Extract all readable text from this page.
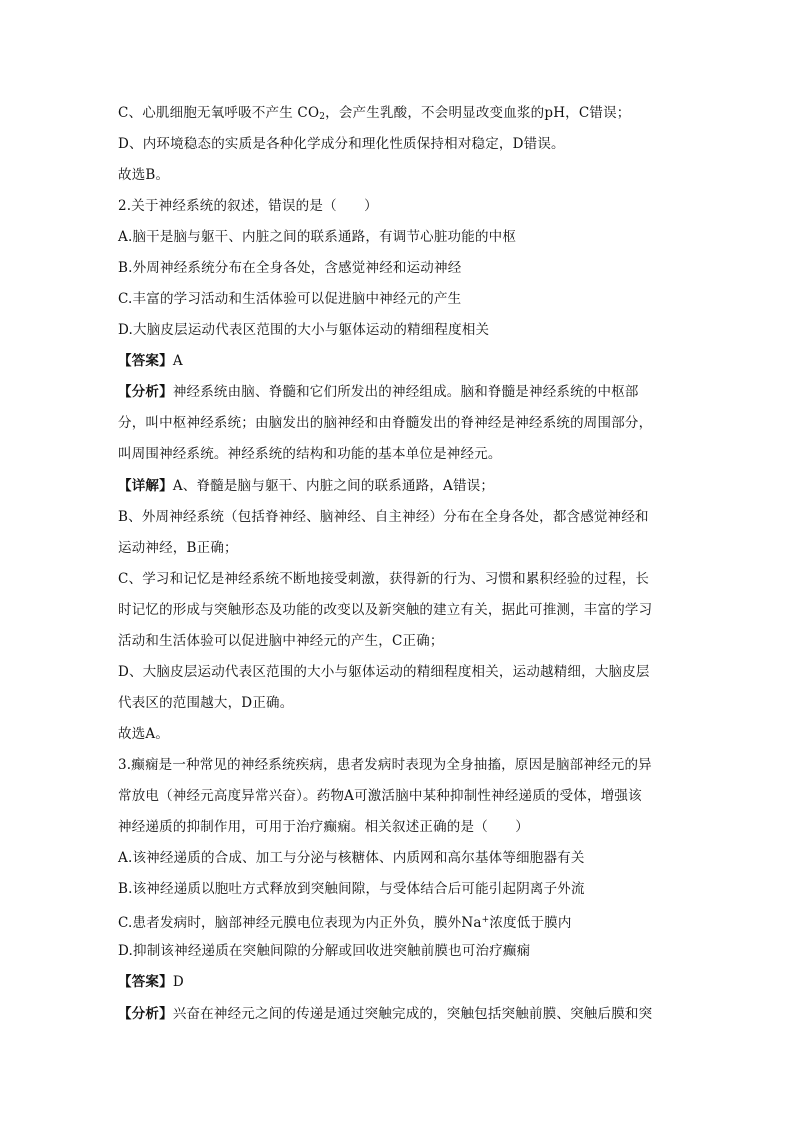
C、心肌细胞无氧呼吸不产生 $CO_2$，会产生乳酸，不会明显改变血浆的pH，C错误；
D、内环境稳态的实质是各种化学成分和理化性质保持相对稳定，D错误。
故选B。
2.关于神经系统的叙述，错误的是（　　）
A.脑干是脑与躯干、内脏之间的联系通路，有调节心脏功能的中枢
B.外周神经系统分布在全身各处，含感觉神经和运动神经
C.丰富的学习活动和生活体验可以促进脑中神经元的产生
D.大脑皮层运动代表区范围的大小与躯体运动的精细程度相关
【答案】A
【分析】神经系统由脑、脊髓和它们所发出的神经组成。脑和脊髓是神经系统的中枢部
分，叫中枢神经系统；由脑发出的脑神经和由脊髓发出的脊神经是神经系统的周围部分，
叫周围神经系统。神经系统的结构和功能的基本单位是神经元。
【详解】A、脊髓是脑与躯干、内脏之间的联系通路，A错误；
B、外周神经系统（包括脊神经、脑神经、自主神经）分布在全身各处，都含感觉神经和
运动神经，B正确；
C、学习和记忆是神经系统不断地接受刺激，获得新的行为、习惯和累积经验的过程，长
时记忆的形成与突触形态及功能的改变以及新突触的建立有关，据此可推测，丰富的学习
活动和生活体验可以促进脑中神经元的产生，C正确；
D、大脑皮层运动代表区范围的大小与躯体运动的精细程度相关，运动越精细，大脑皮层
代表区的范围越大，D正确。
故选A。
3.癫痫是一种常见的神经系统疾病，患者发病时表现为全身抽搐，原因是脑部神经元的异
常放电（神经元高度异常兴奋）。药物A可激活脑中某种抑制性神经递质的受体，增强该
神经递质的抑制作用，可用于治疗癫痫。相关叙述正确的是（　　）
A.该神经递质的合成、加工与分泌与核糖体、内质网和高尔基体等细胞器有关
B.该神经递质以胞吐方式释放到突触间隙，与受体结合后可能引起阴离子外流
C.患者发病时，脑部神经元膜电位表现为内正外负，膜外Na+浓度低于膜内
D.抑制该神经递质在突触间隙的分解或回收进突触前膜也可治疗癫痫
【答案】D
【分析】兴奋在神经元之间的传递是通过突触完成的，突触包括突触前膜、突触后膜和突
